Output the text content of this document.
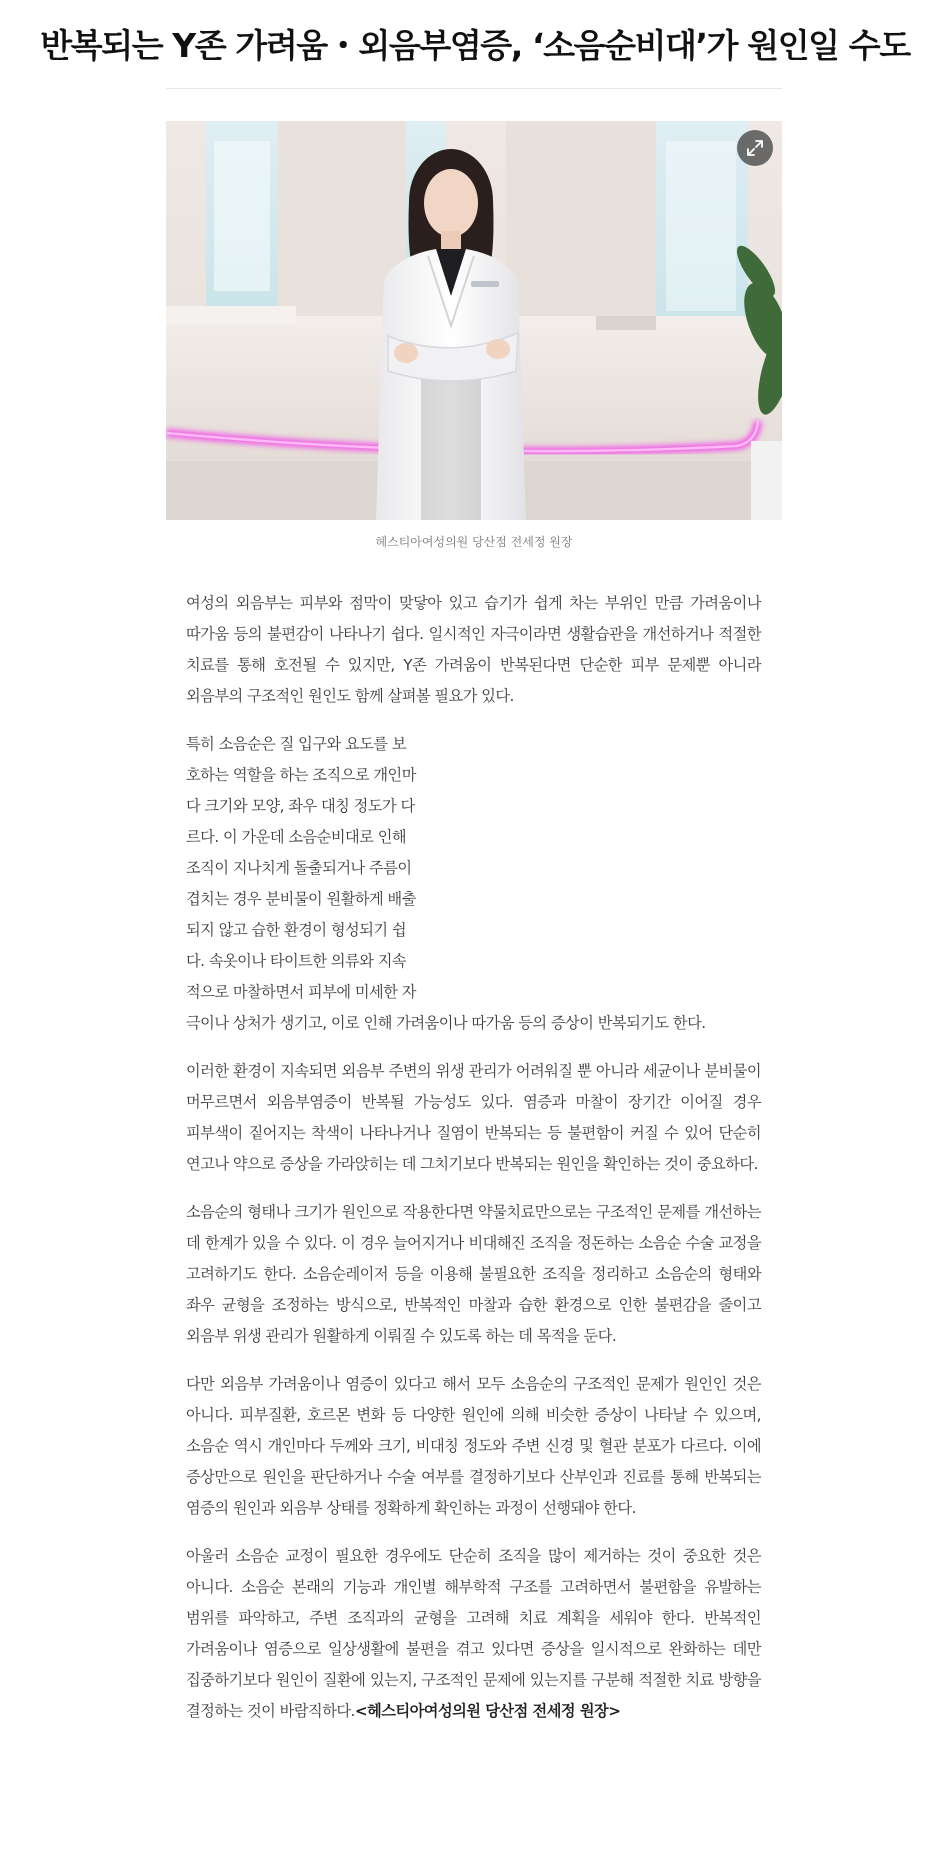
반복되는 Y존 가려움・외음부염증, ‘소음순비대’가 원인일 수도
헤스티아여성의원 당산점 전세정 원장

여성의 외음부는 피부와 점막이 맞닿아 있고 습기가 쉽게 차는 부위인 만큼 가려움이나 따가움 등의 불편감이 나타나기 쉽다. 일시적인 자극이라면 생활습관을 개선하거나 적절한 치료를 통해 호전될 수 있지만, Y존 가려움이 반복된다면 단순한 피부 문제뿐 아니라 외음부의 구조적인 원인도 함께 살펴볼 필요가 있다.

특히 소음순은 질 입구와 요도를 보
호하는 역할을 하는 조직으로 개인마
다 크기와 모양, 좌우 대칭 정도가 다
르다. 이 가운데 소음순비대로 인해
조직이 지나치게 돌출되거나 주름이
겹치는 경우 분비물이 원활하게 배출
되지 않고 습한 환경이 형성되기 쉽
다. 속옷이나 타이트한 의류와 지속
적으로 마찰하면서 피부에 미세한 자
극이나 상처가 생기고, 이로 인해 가려움이나 따가움 등의 증상이 반복되기도 한다.

이러한 환경이 지속되면 외음부 주변의 위생 관리가 어려워질 뿐 아니라 세균이나 분비물이 머무르면서 외음부염증이 반복될 가능성도 있다. 염증과 마찰이 장기간 이어질 경우 피부색이 짙어지는 착색이 나타나거나 질염이 반복되는 등 불편함이 커질 수 있어 단순히 연고나 약으로 증상을 가라앉히는 데 그치기보다 반복되는 원인을 확인하는 것이 중요하다.

소음순의 형태나 크기가 원인으로 작용한다면 약물치료만으로는 구조적인 문제를 개선하는 데 한계가 있을 수 있다. 이 경우 늘어지거나 비대해진 조직을 정돈하는 소음순 수술 교정을 고려하기도 한다. 소음순레이저 등을 이용해 불필요한 조직을 정리하고 소음순의 형태와 좌우 균형을 조정하는 방식으로, 반복적인 마찰과 습한 환경으로 인한 불편감을 줄이고 외음부 위생 관리가 원활하게 이뤄질 수 있도록 하는 데 목적을 둔다.

다만 외음부 가려움이나 염증이 있다고 해서 모두 소음순의 구조적인 문제가 원인인 것은 아니다. 피부질환, 호르몬 변화 등 다양한 원인에 의해 비슷한 증상이 나타날 수 있으며, 소음순 역시 개인마다 두께와 크기, 비대칭 정도와 주변 신경 및 혈관 분포가 다르다. 이에 증상만으로 원인을 판단하거나 수술 여부를 결정하기보다 산부인과 진료를 통해 반복되는 염증의 원인과 외음부 상태를 정확하게 확인하는 과정이 선행돼야 한다.

아울러 소음순 교정이 필요한 경우에도 단순히 조직을 많이 제거하는 것이 중요한 것은 아니다. 소음순 본래의 기능과 개인별 해부학적 구조를 고려하면서 불편함을 유발하는 범위를 파악하고, 주변 조직과의 균형을 고려해 치료 계획을 세워야 한다. 반복적인 가려움이나 염증으로 일상생활에 불편을 겪고 있다면 증상을 일시적으로 완화하는 데만 집중하기보다 원인이 질환에 있는지, 구조적인 문제에 있는지를 구분해 적절한 치료 방향을 결정하는 것이 바람직하다.<헤스티아여성의원 당산점 전세정 원장>
